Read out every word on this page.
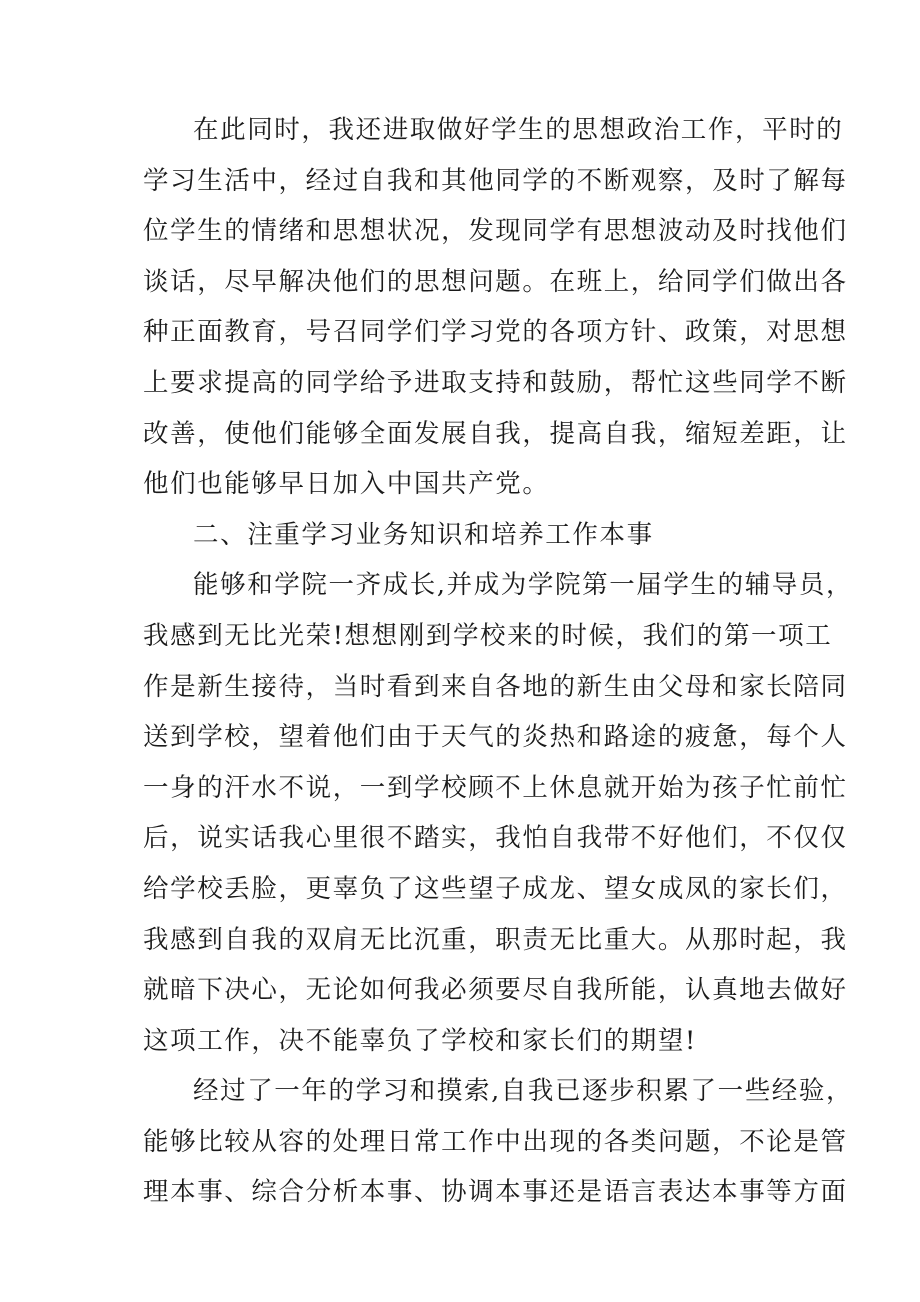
在此同时，我还进取做好学生的思想政治工作，平时的
学习生活中，经过自我和其他同学的不断观察，及时了解每
位学生的情绪和思想状况，发现同学有思想波动及时找他们
谈话，尽早解决他们的思想问题。在班上，给同学们做出各
种正面教育，号召同学们学习党的各项方针、政策，对思想
上要求提高的同学给予进取支持和鼓励，帮忙这些同学不断
改善，使他们能够全面发展自我，提高自我，缩短差距，让
他们也能够早日加入中国共产党。
二、注重学习业务知识和培养工作本事
能够和学院一齐成长,并成为学院第一届学生的辅导员，
我感到无比光荣!想想刚到学校来的时候，我们的第一项工
作是新生接待，当时看到来自各地的新生由父母和家长陪同
送到学校，望着他们由于天气的炎热和路途的疲惫，每个人
一身的汗水不说，一到学校顾不上休息就开始为孩子忙前忙
后，说实话我心里很不踏实，我怕自我带不好他们，不仅仅
给学校丢脸，更辜负了这些望子成龙、望女成凤的家长们，
我感到自我的双肩无比沉重，职责无比重大。从那时起，我
就暗下决心，无论如何我必须要尽自我所能，认真地去做好
这项工作，决不能辜负了学校和家长们的期望!
经过了一年的学习和摸索,自我已逐步积累了一些经验，
能够比较从容的处理日常工作中出现的各类问题，不论是管
理本事、综合分析本事、协调本事还是语言表达本事等方面
